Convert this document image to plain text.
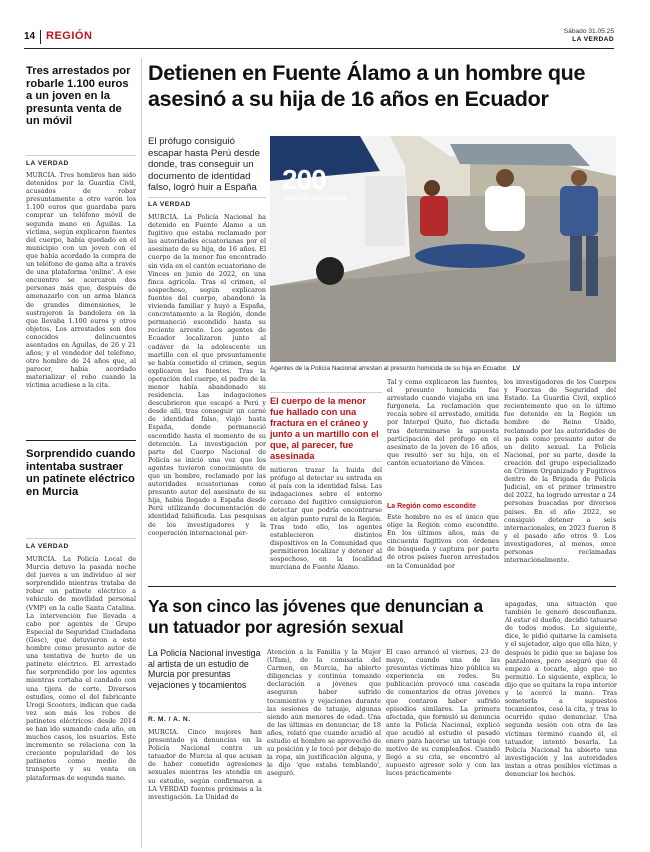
14 REGIÓN	Sábado 31.05.25
LA VERDAD
Tres arrestados por robarle 1.100 euros a un joven en la presunta venta de un móvil
LA VERDAD
MURCIA. Tres hombres han sido detenidos por la Guardia Civil, acusados de robar presuntamente a otro varón los 1.100 euros que guardaba para comprar un teléfono móvil de segunda mano en Águilas. La víctima, según explicaron fuentes del cuerpo, había quedado en el municipio con un joven con el que había acordado la compra de un teléfono de gama alta a través de una plataforma 'online'. A ese encuentro se acercaron dos personas más que, después de amenazarlo con un arma blanca de grandes dimensiones, le sustrajeron la bandolera en la que llevaba 1.100 euros y otros objetos. Los arrestados son dos conocidos delincuentes asentados en Águilas, de 26 y 21 años; y el vendedor del teléfono, otro hombre de 24 años que, al parecer, había acordado materializar el robo cuando la víctima acudiese a la cita.
Sorprendido cuando intentaba sustraer un patinete eléctrico en Murcia
LA VERDAD
MURCIA. La Policía Local de Murcia detuvo la pasada noche del jueves a un individuo al ser sorprendido mientras trataba de robar un patinete eléctrico a vehículo de movilidad personal (VMP) en la calle Santa Catalina. La intervención fue llevada a cabo por agentes de Grupo Especial de Seguridad Ciudadana (Gesc), que detuvieron a este hombre como presunto autor de una tentativa de hurto de un patinete eléctrico. El arrestado fue sorprendido por los agentes mientras cortaba el candado con una tijera de corte. Diversos estudios, como el del fabricante Urogi Scooters, indican que cada vez son más los robos de patinetes eléctricos: desde 2014 se han ido sumando cada año, en muchos casos, los usuarios. Este incremento se relaciona con la creciente popularidad de los patinetes como medio de transporte y su venta en plataformas de segunda mano.
Detienen en Fuente Álamo a un hombre que asesinó a su hija de 16 años en Ecuador
El prófugo consiguió escapar hasta Perú desde donde, tras conseguir un documento de identidad falso, logró huir a España
LA VERDAD
MURCIA. La Policía Nacional ha detenido en Fuente Álamo a un fugitivo que estaba reclamado por las autoridades ecuatorianas por el asesinato de su hija, de 16 años. El cuerpo de la menor fue encontrado sin vida en el cantón ecuatoriano de Vinces en junio de 2022, en una finca agrícola. Tras el crimen, el sospechoso, según explicaron fuentes del cuerpo, abandonó la vivienda familiar y huyó a España, concretamente a la Región, donde permaneció escondido hasta su reciente arresto. Los agentes de Ecuador localizaron junto al cadáver de la adolescente un martillo con el que presuntamente se había cometido el crimen, según explicaron las fuentes. Tras la operación del cuerpo, el padre de la menor había abandonado su residencia. Las indagaciones descubrieron que escapó a Perú y desde allí, tras conseguir un carné de identidad falso, viajó hasta España, donde permaneció escondido hasta el momento de su detención. La investigación por parte del Cuerpo Nacional de Policía se inició una vez que los agentes tuvieron conocimiento de que un hombre, reclamado por las autoridades ecuatorianas como presunto autor del asesinato de su hija, había llegado a España desde Perú utilizando documentación de identidad falsificada. Las pesquisas de los investigadores y la cooperación internacional per-
200
POLICÍA NACIONAL
Agentes de la Policía Nacional arrestan al presunto homicida de su hija en Ecuador. LV
El cuerpo de la menor fue hallado con una fractura en el cráneo y junto a un martillo con el que, al parecer, fue asesinada
mitieron trazar la huida del prófugo al detectar su entrada en el país con la identidad falsa. Las indagaciones sobre el entorno cercano del fugitivo consiguieron detectar que podría encontrarse en algún punto rural de la Región. Tras todo ello, los agentes establecieron distintos dispositivos en la Comunidad que permitieron localizar y detener al sospechoso, en la localidad murciana de Fuente Álamo.
Tal y como explicaron las fuentes, el presunto homicida fue arrestado cuando viajaba en una furgoneta. La reclamación que recaía sobre el arrestado, emitida por Interpol Quito, fue dictada tras determinarse la supuesta participación del prófugo en el asesinato de la joven de 16 años, que resultó ser su hija, en el cantón ecuatoriano de Vinces.
La Región como escondite
Este hombre no es el único que elige la Región como escondite. En los últimos años, más de cincuenta fugitivos con órdenes de búsqueda y captura por parte de otros países fueron arrestados en la Comunidad por
los investigadores de los Cuerpos y Fuerzas de Seguridad del Estado. La Guardia Civil, explicó recientemente que en lo último fue detenido en la Región un hombre de Reino Unido, reclamado por las autoridades de su país como presunto autor de un delito sexual. La Policía Nacional, por su parte, desde la creación del grupo especializado en Crimen Organizado y Fugitivos dentro de la Brigada de Policía Judicial, en el primer trimestre del 2022, ha logrado arrestar a 24 personas buscadas por diversos países. En el año 2022, se consiguió detener a seis internacionales, en 2023 fueron 8 y el pasado año otros 9. Los investigadores, al menos, once personas reclamadas internacionalmente.
Ya son cinco las jóvenes que denuncian a un tatuador por agresión sexual
La Policía Nacional investiga al artista de un estudio de Murcia por presuntas vejaciones y tocamientos
R. M. / A. N.
MURCIA. Cinco mujeres han presentado ya denuncias en la Policía Nacional contra un tatuador de Murcia al que acusan de haber cometido agresiones sexuales mientras les atendía en su estudio, según confirmaron a LA VERDAD fuentes próximas a la investigación. La Unidad de
Atención a la Familia y la Mujer (Ufam), de la comisaría del Carmen, en Murcia, ha abierto diligencias y continúa tomando declaración a jóvenes que aseguran haber sufrido tocamientos y vejaciones durante las sesiones de tatuaje, algunas siendo aún menores de edad. Una de las últimas en denunciar, de 18 años, relató que cuando acudió al estudio el hombre se aprovechó de su posición y le tocó por debajo de la ropa, sin justificación alguna, y le dijo 'que estaba temblando', aseguró.
El caso arrancó el viernes, 23 de mayo, cuando una de las presuntas víctimas hizo pública su experiencia en redes. Su publicación provocó una cascada de comentarios de otras jóvenes que contaron haber sufrido episodios similares. La primera afectada, que formuló su denuncia ante la Policía Nacional, explicó que acudió al estudio el pasado enero para hacerse un tatuaje con motivo de su cumpleaños. Cuando llegó a su cita, se encontró al supuesto agresor solo y con las luces prácticamente
apagadas, una situación que también le generó desconfianza. Al estar el dueño, decidió tatuarse de todos modos. Lo siguiente, dice, le pidió quitarse la camiseta y el sujetador, algo que ella hizo, y después le pidió que se bajase los pantalones, pero aseguró que él empezó a tocarle, algo que no permitió. Lo siguiente, explica, le dijo que se quitara la ropa interior y le acercó la mano. Tras someterla a supuestos tocamientos, cesó la cita, y tras lo ocurrido quiso denunciar. Una segunda sesión con otra de las víctimas terminó cuando él, el tatuador, intentó besarla. La Policía Nacional ha abierto una investigación y las autoridades instan a otras posibles víctimas a denunciar los hechos.
